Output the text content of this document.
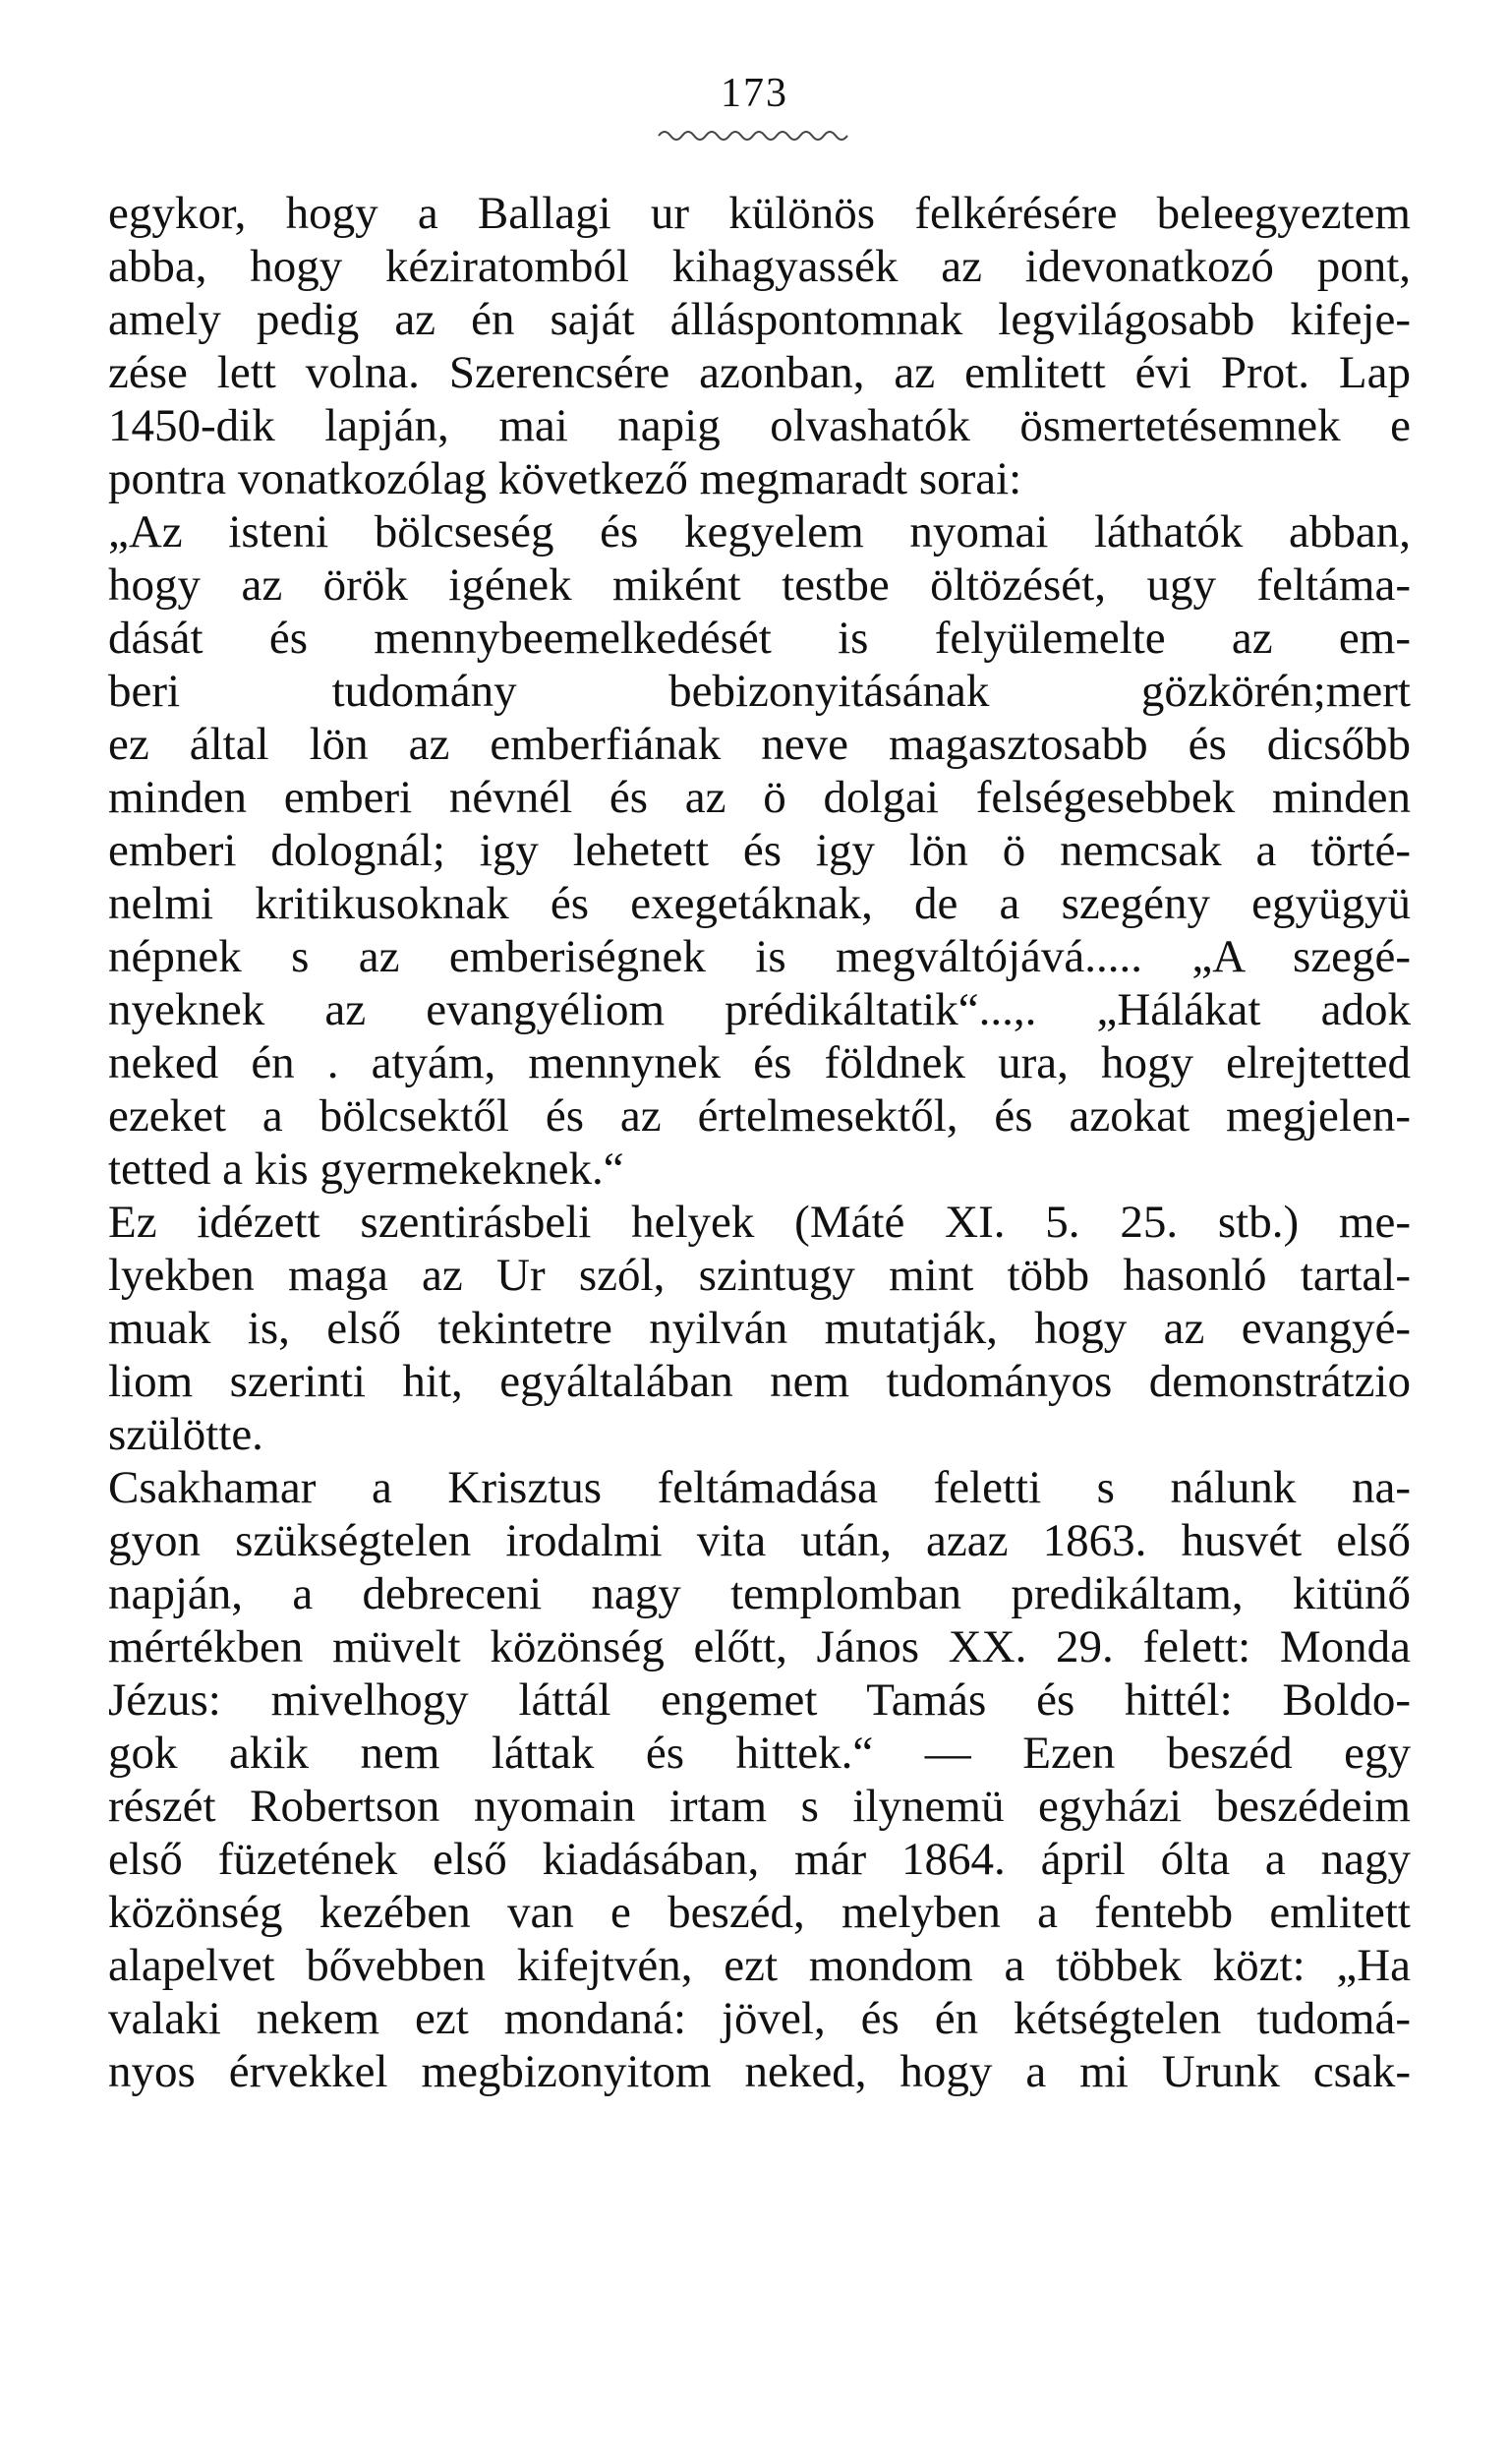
173
egykor, hogy a Ballagi ur különös felkérésére beleegyeztem
abba, hogy kéziratomból kihagyassék az idevonatkozó pont,
amely pedig az én saját álláspontomnak legvilágosabb kifeje-
zése lett volna. Szerencsére azonban, az emlitett évi Prot. Lap
1450-dik lapján, mai napig olvashatók ösmertetésemnek e
pontra vonatkozólag következő megmaradt sorai:
„Az isteni bölcseség és kegyelem nyomai láthatók abban,
hogy az örök igének miként testbe öltözését, ugy feltáma-
dását és mennybeemelkedését is felyülemelte az em-
beri tudomány bebizonyitásának gözkörén;mert
ez által lön az emberfiának neve magasztosabb és dicsőbb
minden emberi névnél és az ö dolgai felségesebbek minden
emberi dolognál; igy lehetett és igy lön ö nemcsak a törté-
nelmi kritikusoknak és exegetáknak, de a szegény együgyü
népnek s az emberiségnek is megváltójává..... „A szegé-
nyeknek az evangyéliom prédikáltatik“...,. „Hálákat adok
neked én . atyám, mennynek és földnek ura, hogy elrejtetted
ezeket a bölcsektől és az értelmesektől, és azokat megjelen-
tetted a kis gyermekeknek.“
Ez idézett szentirásbeli helyek (Máté XI. 5. 25. stb.) me-
lyekben maga az Ur szól, szintugy mint több hasonló tartal-
muak is, első tekintetre nyilván mutatják, hogy az evangyé-
liom szerinti hit, egyáltalában nem tudományos demonstrátzio
szülötte.
Csakhamar a Krisztus feltámadása feletti s nálunk na-
gyon szükségtelen irodalmi vita után, azaz 1863. husvét első
napján, a debreceni nagy templomban predikáltam, kitünő
mértékben müvelt közönség előtt, János XX. 29. felett: Monda
Jézus: mivelhogy láttál engemet Tamás és hittél: Boldo-
gok akik nem láttak és hittek.“ — Ezen beszéd egy
részét Robertson nyomain irtam s ilynemü egyházi beszédeim
első füzetének első kiadásában, már 1864. ápril ólta a nagy
közönség kezében van e beszéd, melyben a fentebb emlitett
alapelvet bővebben kifejtvén, ezt mondom a többek közt: „Ha
valaki nekem ezt mondaná: jövel, és én kétségtelen tudomá-
nyos érvekkel megbizonyitom neked, hogy a mi Urunk csak-
